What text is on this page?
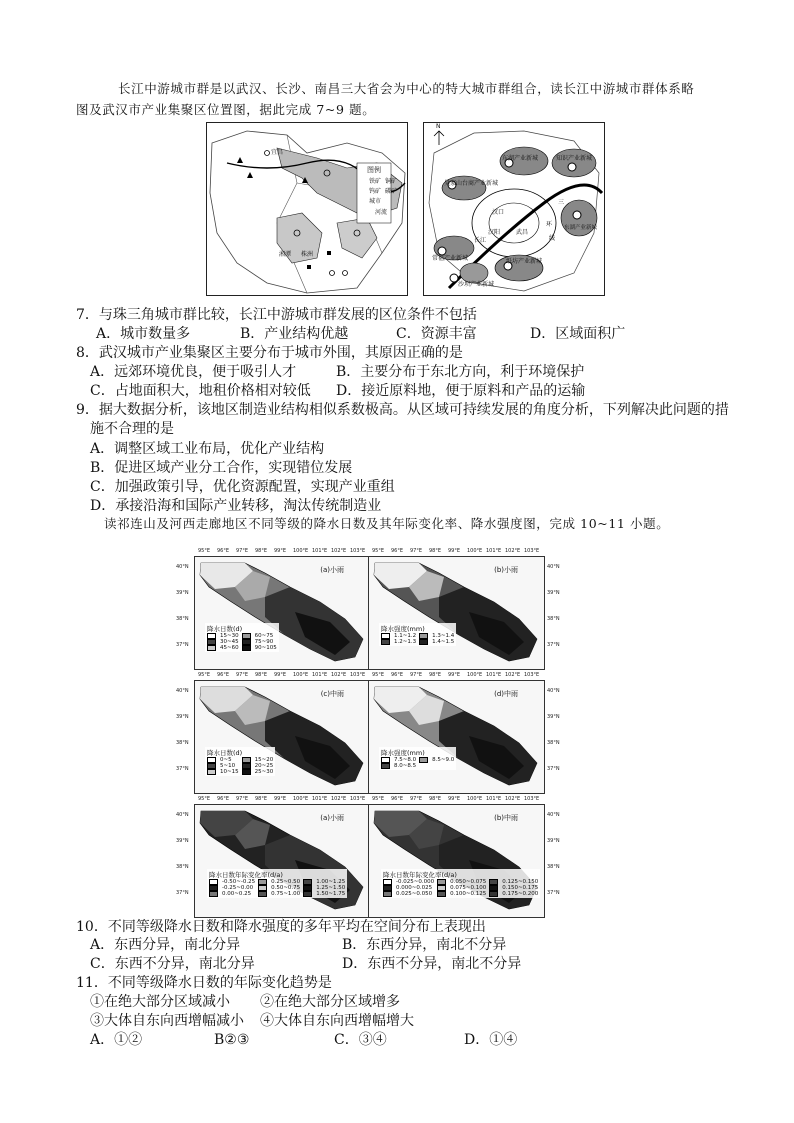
长江中游城市群是以武汉、长沙、南昌三大省会为中心的特大城市群组合，读长江中游城市群体系略
图及武汉市产业集聚区位置图，据此完成 7~9 题。
图例
铁矿 铜矿
钨矿 磷矿
城市
河流
宜昌
湘潭 株洲
N
东湖产业新城	知识产业新城
吴家山台商产业新城
汉口
汉阳	武昌
三
环
线
长江
东湖产业新城
常福产业新城	纸坊产业新城
沙坝产业新城
7．与珠三角城市群比较，长江中游城市群发展的区位条件不包括
A．城市数量多	B．产业结构优越	C．资源丰富	D．区域面积广
8．武汉城市产业集聚区主要分布于城市外围，其原因正确的是
A．远郊环境优良，便于吸引人才	B．主要分布于东北方向，利于环境保护
C．占地面积大，地租价格相对较低 D．接近原料地，便于原料和产品的运输
9．据大数据分析，该地区制造业结构相似系数极高。从区域可持续发展的角度分析，下列解决此问题的措
施不合理的是
A．调整区域工业布局，优化产业结构
B．促进区域产业分工合作，实现错位发展
C．加强政策引导，优化资源配置，实现产业重组
D．承接沿海和国际产业转移，淘汰传统制造业
读祁连山及河西走廊地区不同等级的降水日数及其年际变化率、降水强度图，完成 10~11 小题。
(a)小雨
降水日数(d)
15~30	60~75
30~45	75~90
45~60	90~105
95°E 96°E 97°E 98°E 99°E 100°E 101°E 102°E 103°E
40°N
39°N
38°N
37°N
(b)小雨
降水强度(mm)
1.1~1.2	1.3~1.4
1.2~1.3	1.4~1.5
95°E 96°E 97°E 98°E 99°E 100°E 101°E 102°E 103°E
40°N
39°N
38°N
37°N
(c)中雨
降水日数(d)
0~5	15~20
5~10	20~25
10~15	25~30
95°E 96°E 97°E 98°E 99°E 100°E 101°E 102°E 103°E
40°N
39°N
38°N
37°N
(d)中雨
降水强度(mm)
7.5~8.0	8.5~9.0
8.0~8.5
95°E 96°E 97°E 98°E 99°E 100°E 101°E 102°E 103°E
40°N
39°N
38°N
37°N
(a)小雨
降水日数年际变化率(d/a)
-0.50~-0.25	0.25~0.50	1.00~1.25
-0.25~0.00	0.50~0.75	1.25~1.50
0.00~0.25	0.75~1.00	1.50~1.75
95°E 96°E 97°E 98°E 99°E 100°E 101°E 102°E 103°E
40°N
39°N
38°N
37°N
(b)中雨
降水日数年际变化率(d/a)
-0.025~0.000	0.050~0.075	0.125~0.150
0.000~0.025	0.075~0.100	0.150~0.175
0.025~0.050	0.100~0.125	0.175~0.200
95°E 96°E 97°E 98°E 99°E 100°E 101°E 102°E 103°E
40°N
39°N
38°N
37°N
10．不同等级降水日数和降水强度的多年平均在空间分布上表现出
A．东西分异，南北分异	B．东西分异，南北不分异
C．东西不分异，南北分异	D．东西不分异，南北不分异
11．不同等级降水日数的年际变化趋势是
①在绝大部分区域减小 ②在绝大部分区域增多
③大体自东向西增幅减小 ④大体自东向西增幅增大
A．①②	B②③	C．③④	D．①④
